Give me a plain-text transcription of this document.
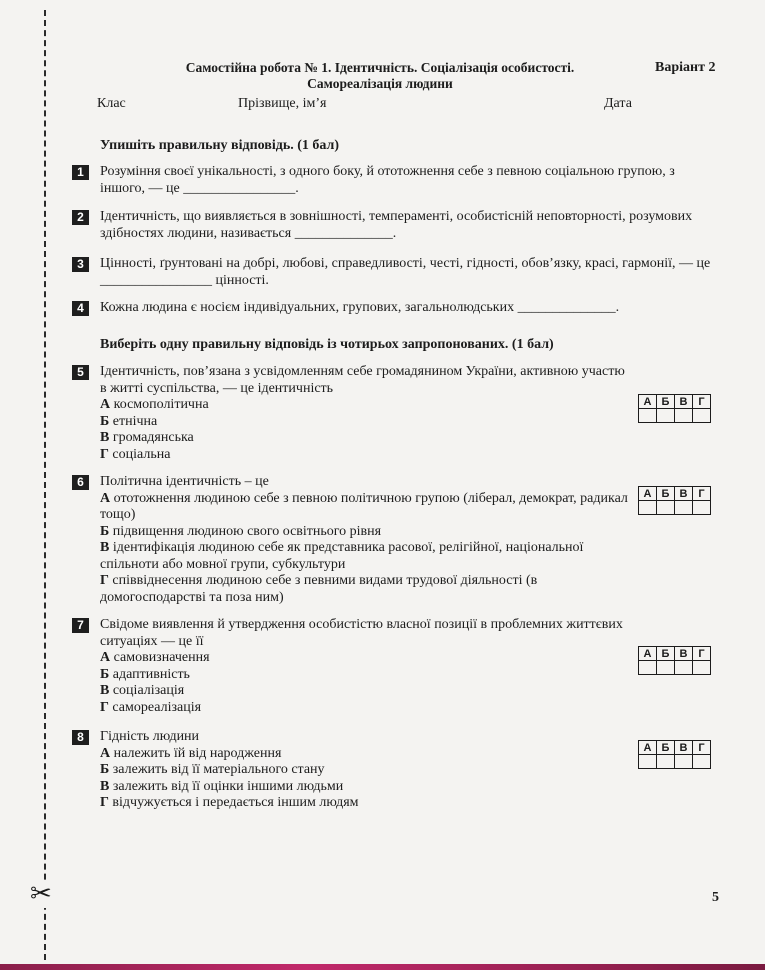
✂
Самостійна робота № 1. Ідентичність. Соціалізація особистості.
Самореалізація людини
Варіант 2
Клас	Прізвище, ім’я	Дата
Упишіть правильну відповідь. (1 бал)
1	Розуміння своєї унікальності, з одного боку, й ототожнення себе з певною соціальною групою, з іншого, — це ________________.
2	Ідентичність, що виявляється в зовнішності, темпераменті, особистісній неповторності, розумових здібностях людини, називається ______________.
3	Цінності, ґрунтовані на добрі, любові, справедливості, честі, гідності, обов’язку, красі, гармонії, — це ________________ цінності.
4	Кожна людина є носієм індивідуальних, групових, загальнолюдських ______________.
Виберіть одну правильну відповідь із чотирьох запропонованих. (1 бал)
5	Ідентичність, пов’язана з усвідомленням себе громадянином України, активною участю в житті суспільства, — це ідентичність
А космополітична
Б етнічна
В громадянська
Г соціальна
А	Б	В	Г

6	Політична ідентичність – це
А ототожнення людиною себе з певною політичною групою (ліберал, демократ, радикал тощо)
Б підвищення людиною свого освітнього рівня
В ідентифікація людиною себе як представника расової, релігійної, національної спільноти або мовної групи, субкультури
Г співвіднесення людиною себе з певними видами трудової діяльності (в домогосподарстві та поза ним)
А	Б	В	Г

7	Свідоме виявлення й утвердження особистістю власної позиції в проблемних життєвих ситуаціях — це її
А самовизначення
Б адаптивність
В соціалізація
Г самореалізація
А	Б	В	Г

8	Гідність людини
А належить їй від народження
Б залежить від її матеріального стану
В залежить від її оцінки іншими людьми
Г відчужується і передається іншим людям
А	Б	В	Г

5
